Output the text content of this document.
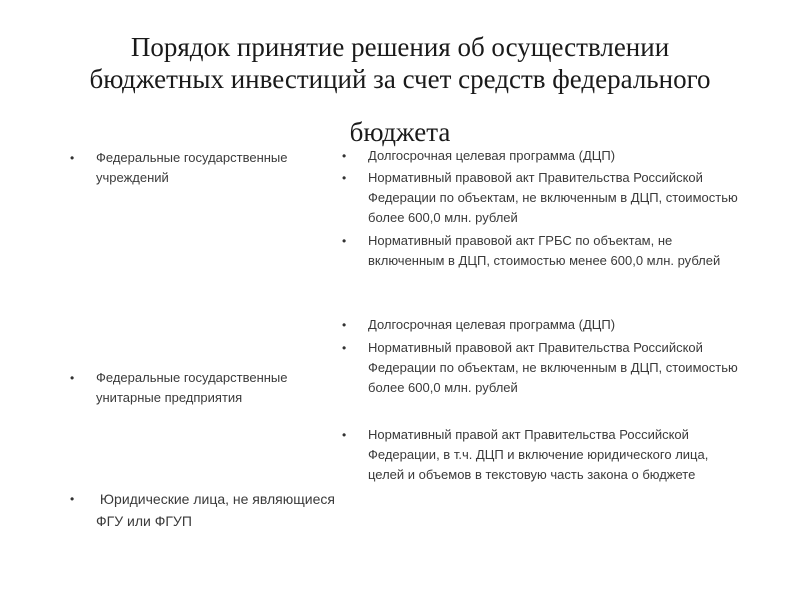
Порядок принятие решения об осуществлении
бюджетных инвестиций за счет средств федерального
бюджета
• Федеральные государственные учреждений
• Федеральные государственные унитарные предприятия
• Юридические лица, не являющиеся ФГУ или ФГУП
• Долгосрочная целевая программа (ДЦП)
• Нормативный правовой акт Правительства Российской Федерации по объектам, не включенным в ДЦП, стоимостью более 600,0 млн. рублей
• Нормативный правовой акт ГРБС по объектам, не включенным в ДЦП, стоимостью менее 600,0 млн. рублей
• Долгосрочная целевая программа (ДЦП)
• Нормативный правовой акт Правительства Российской Федерации по объектам, не включенным в ДЦП, стоимостью более 600,0 млн. рублей
• Нормативный правой акт Правительства Российской Федерации, в т.ч. ДЦП и включение юридического лица, целей и объемов в текстовую часть закона о бюджете
